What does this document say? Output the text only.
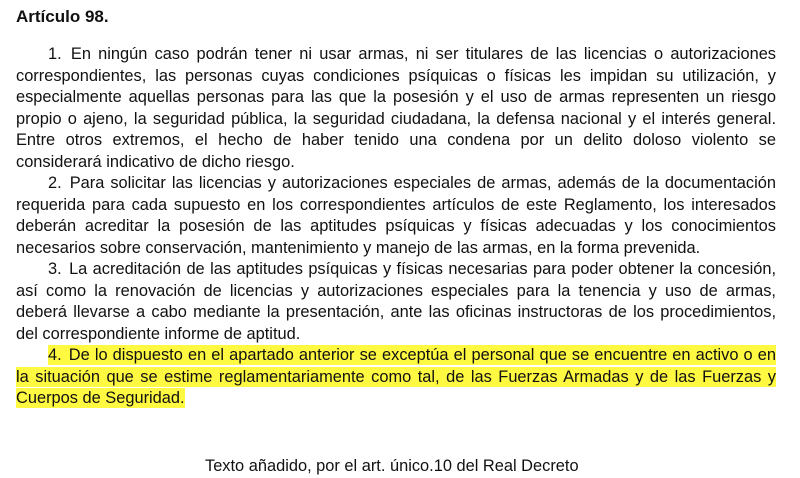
Artículo 98.

1. En ningún caso podrán tener ni usar armas, ni ser titulares de las licencias o autorizaciones correspondientes, las personas cuyas condiciones psíquicas o físicas les impidan su utilización, y especialmente aquellas personas para las que la posesión y el uso de armas representen un riesgo propio o ajeno, la seguridad pública, la seguridad ciudadana, la defensa nacional y el interés general. Entre otros extremos, el hecho de haber tenido una condena por un delito doloso violento se considerará indicativo de dicho riesgo.

2. Para solicitar las licencias y autorizaciones especiales de armas, además de la documentación requerida para cada supuesto en los correspondientes artículos de este Reglamento, los interesados deberán acreditar la posesión de las aptitudes psíquicas y físicas adecuadas y los conocimientos necesarios sobre conservación, mantenimiento y manejo de las armas, en la forma prevenida.

3. La acreditación de las aptitudes psíquicas y físicas necesarias para poder obtener la concesión, así como la renovación de licencias y autorizaciones especiales para la tenencia y uso de armas, deberá llevarse a cabo mediante la presentación, ante las oficinas instructoras de los procedimientos, del correspondiente informe de aptitud.

4. De lo dispuesto en el apartado anterior se exceptúa el personal que se encuentre en activo o en la situación que se estime reglamentariamente como tal, de las Fuerzas Armadas y de las Fuerzas y Cuerpos de Seguridad.

Texto añadido, por el art. único.10 del Real Decreto
